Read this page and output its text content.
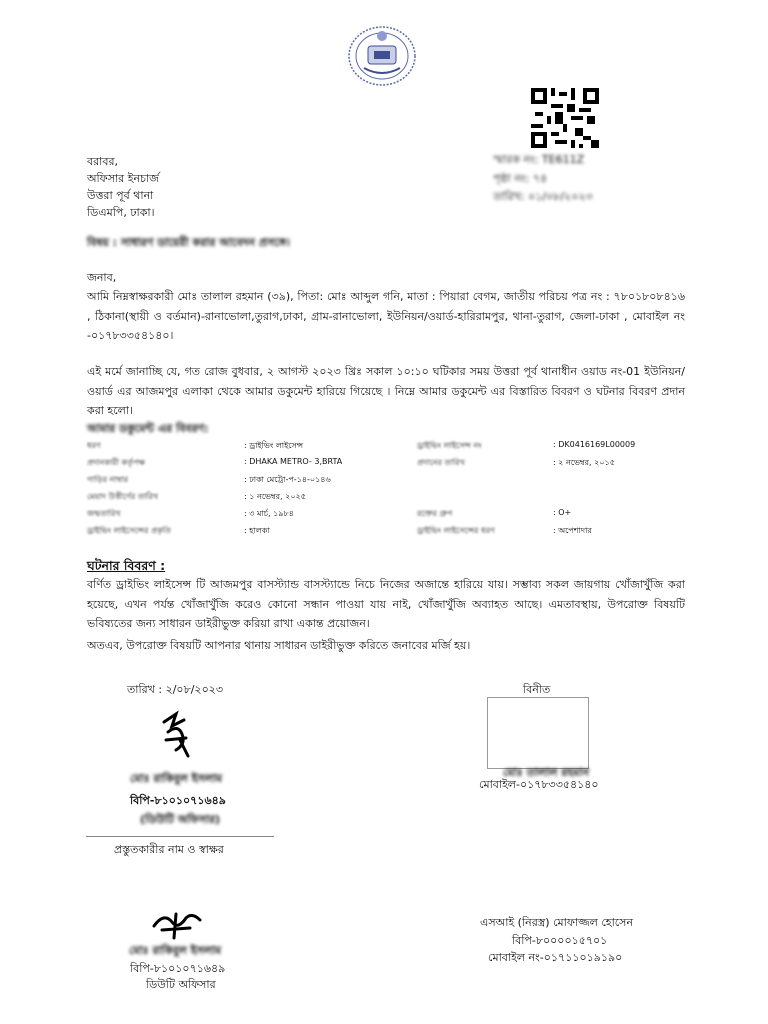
স্মারক নং: TE611Z
পৃষ্ঠা নং: ৭৪
তারিখ: ০১/০৮/২০২৩
বরাবর,
অফিসার ইনচার্জ
উত্তরা পূর্ব থানা
ডিএমপি, ঢাকা।
বিষয় : সাধারণ ডায়েরী করার আবেদন প্রসঙ্গে।
জনাব,
আমি নিম্নস্বাক্ষরকারী মোঃ তালাল রহমান (৩৯), পিতা: মোঃ আব্দুল গনি, মাতা : পিয়ারা বেগম, জাতীয় পরিচয় পত্র নং : ৭৮০১৮০৮৪১৬ , ঠিকানা(স্থায়ী ও বর্তমান)-রানাভোলা,তুরাগ,ঢাকা, গ্রাম-রানাভোলা, ইউনিয়ন/ওয়ার্ড-হারিরামপুর, থানা-তুরাগ, জেলা-ঢাকা , মোবাইল নং -০১৭৮৩৩৫৪১৪০।
এই মর্মে জানাচ্ছি যে, গত রোজ বুধবার, ২ আগস্ট ২০২৩ খ্রিঃ সকাল ১০:১০ ঘটিকার সময় উত্তরা পূর্ব থানাধীন ওয়াড নং-01 ইউনিয়ন/ওয়ার্ড এর আজমপুর এলাকা থেকে আমার ডকুমেন্ট হারিয়ে গিয়েছে । নিম্নে আমার ডকুমেন্ট এর বিস্তারিত বিবরণ ও ঘটনার বিবরণ প্রদান করা হলো।
আমার ডকুমেন্ট এর বিবরণ:
ধরণ	: ড্রাইভিং লাইসেন্স	ড্রাইভিং লাইসেন্স নং	: DK0416169L00009
প্রদানকারী কর্তৃপক্ষ	: DHAKA METRO- 3,BRTA	প্রদানের তারিখ	: ২ নভেম্বর, ২০১৫
গাড়ির নাম্বার	: ঢাকা মেট্রো-প-১৪-০১৪৬
মেয়াদ উত্তীর্ণের তারিখ	: ১ নভেম্বর, ২০২৫
জন্মতারিখ	: ৩ মার্চ, ১৯৮৪	রক্তের গ্রুপ	: O+
ড্রাইভিং লাইসেন্সের প্রকৃতি	: হালকা	ড্রাইভিং লাইসেন্সের ধরণ	: অপেশাদার
ঘটনার বিবরণ :
বর্ণিত ড্রাইভিং লাইসেন্স টি আজমপুর বাসস্ট্যান্ড বাসস্ট্যান্ডে নিচে নিজের অজান্তে হারিয়ে যায়। সম্ভাব্য সকল জায়গায় খোঁজাখুঁজি করা হয়েছে, এখন পর্যন্ত খোঁজাখুঁজি করেও কোনো সন্ধান পাওয়া যায় নাই, খোঁজাখুঁজি অব্যাহত আছে। এমতাবস্থায়, উপরোক্ত বিষয়টি ভবিষ্যতের জন্য সাধারন ডাইরীভুক্ত করিয়া রাখা একান্ত প্রয়োজন।
অতএব, উপরোক্ত বিষয়টি আপনার থানায় সাধারন ডাইরীভুক্ত করিতে জনাবের মর্জি হয়।
তারিখ : ২/০৮/২০২৩	বিনীত
মোঃ রাকিবুল ইসলাম
বিপি-৮১০১০৭১৬৪৯
(ডিউটি অফিসার)
প্রস্তুতকারীর নাম ও স্বাক্ষর
মোঃ তালাল রহমান
মোবাইল-০১৭৮৩৩৫৪১৪০
মোঃ রাকিবুল ইসলাম
বিপি-৮১০১০৭১৬৪৯
ডিউটি অফিসার
এসআই (নিরস্ত্র) মোফাজ্জল হোসেন
বিপি-৮০০০০১৫৭০১
মোবাইল নং-০১৭১১০১৯১৯০
